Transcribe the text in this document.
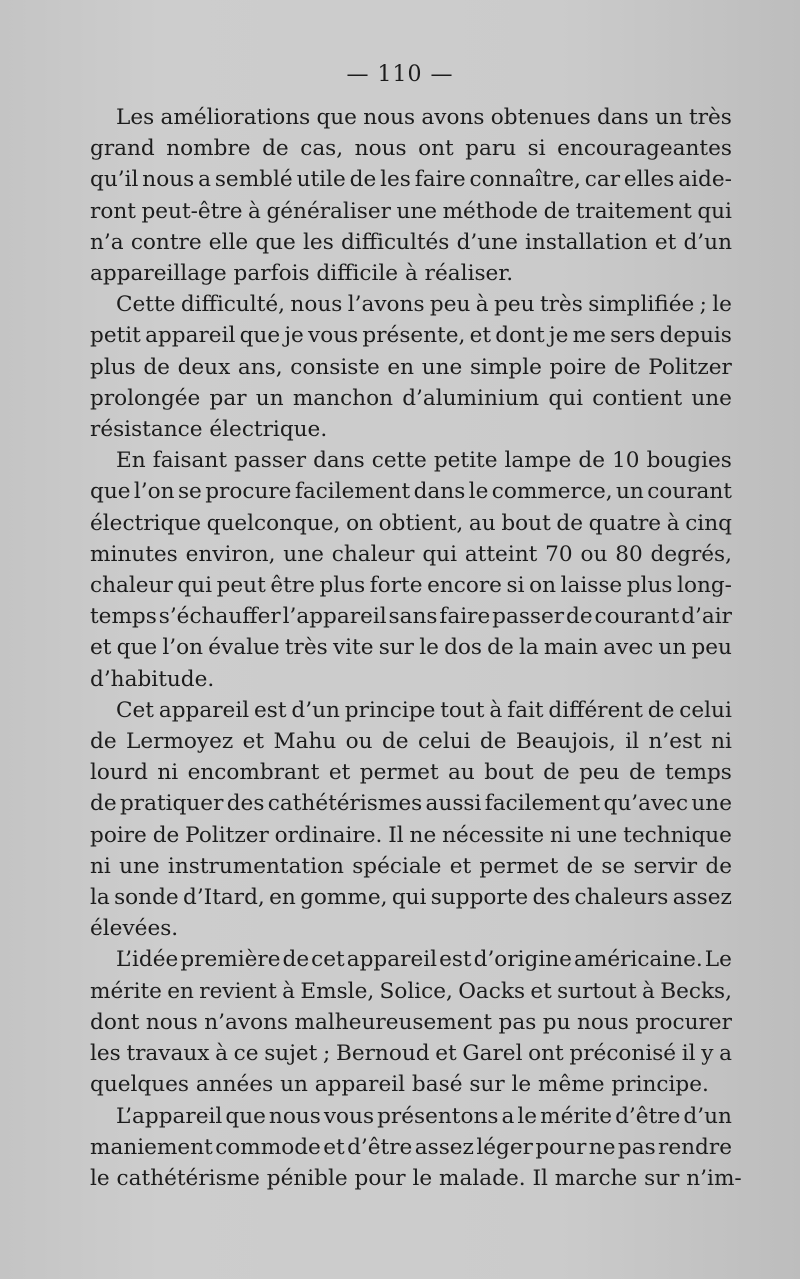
— 110 —
Les améliorations que nous avons obtenues dans un très
grand nombre de cas, nous ont paru si encourageantes
qu’il nous a semblé utile de les faire connaître, car elles aide-
ront peut-être à généraliser une méthode de traitement qui
n’a contre elle que les difficultés d’une installation et d’un
appareillage parfois difficile à réaliser.
Cette difficulté, nous l’avons peu à peu très simplifiée ; le
petit appareil que je vous présente, et dont je me sers depuis
plus de deux ans, consiste en une simple poire de Politzer
prolongée par un manchon d’aluminium qui contient une
résistance électrique.
En faisant passer dans cette petite lampe de 10 bougies
que l’on se procure facilement dans le commerce, un courant
électrique quelconque, on obtient, au bout de quatre à cinq
minutes environ, une chaleur qui atteint 70 ou 80 degrés,
chaleur qui peut être plus forte encore si on laisse plus long-
temps s’échauffer l’appareil sans faire passer de courant d’air
et que l’on évalue très vite sur le dos de la main avec un peu
d’habitude.
Cet appareil est d’un principe tout à fait différent de celui
de Lermoyez et Mahu ou de celui de Beaujois, il n’est ni
lourd ni encombrant et permet au bout de peu de temps
de pratiquer des cathétérismes aussi facilement qu’avec une
poire de Politzer ordinaire. Il ne nécessite ni une technique
ni une instrumentation spéciale et permet de se servir de
la sonde d’Itard, en gomme, qui supporte des chaleurs assez
élevées.
L’idée première de cet appareil est d’origine américaine. Le
mérite en revient à Emsle, Solice, Oacks et surtout à Becks,
dont nous n’avons malheureusement pas pu nous procurer
les travaux à ce sujet ; Bernoud et Garel ont préconisé il y a
quelques années un appareil basé sur le même principe.
L’appareil que nous vous présentons a le mérite d’être d’un
maniement commode et d’être assez léger pour ne pas rendre
le cathétérisme pénible pour le malade. Il marche sur n’im-
